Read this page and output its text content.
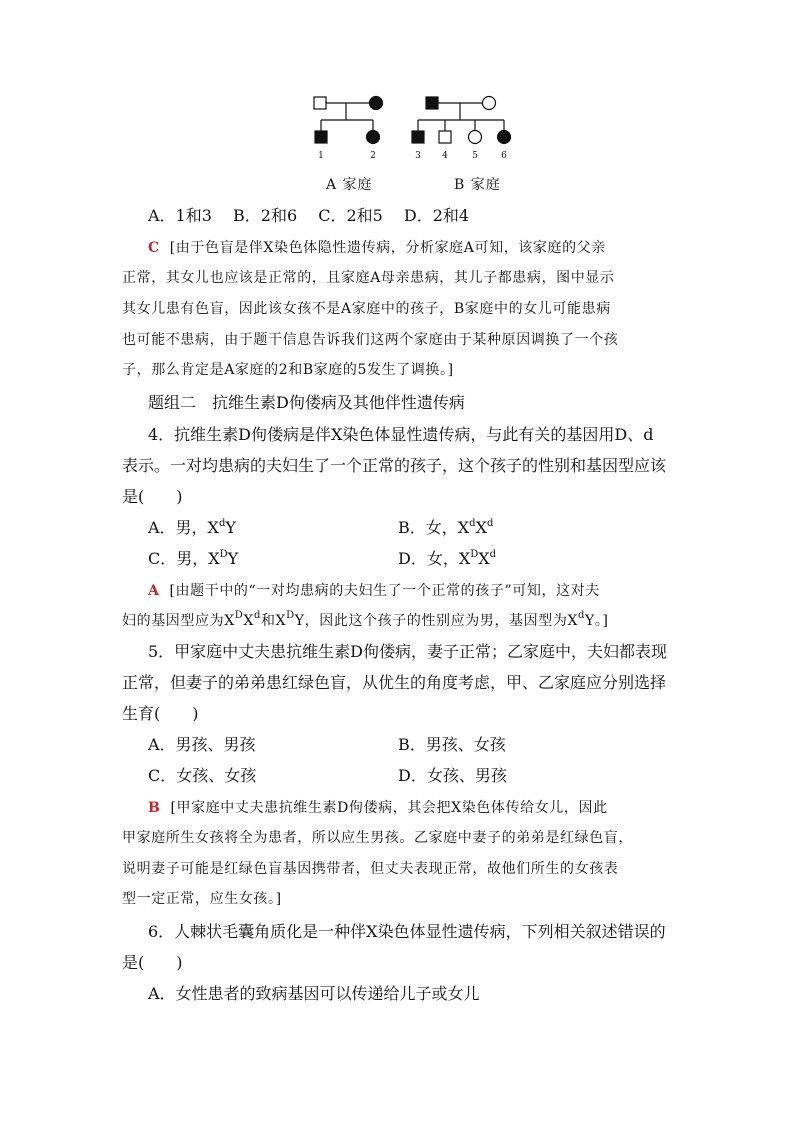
1	2	3 4	5	6
A 家庭	B 家庭
A．1和3　 B．2和6　 C．2和5　 D．2和4
C [由于色盲是伴X染色体隐性遗传病，分析家庭A可知，该家庭的父亲
正常，其女儿也应该是正常的，且家庭A母亲患病，其儿子都患病，图中显示
其女儿患有色盲，因此该女孩不是A家庭中的孩子，B家庭中的女儿可能患病
也可能不患病，由于题干信息告诉我们这两个家庭由于某种原因调换了一个孩
子，那么肯定是A家庭的2和B家庭的5发生了调换。]
题组二　抗维生素D佝偻病及其他伴性遗传病
4．抗维生素D佝偻病是伴X染色体显性遗传病，与此有关的基因用D、d
表示。一对均患病的夫妇生了一个正常的孩子，这个孩子的性别和基因型应该
是(　　)
A．男，$X^dY$	B．女，$X^dX^d$
C．男，$X^DY$	D．女，$X^DX^d$
A [由题干中的“一对均患病的夫妇生了一个正常的孩子”可知，这对夫
妇的基因型应为$X^DX^d$和$X^DY$，因此这个孩子的性别应为男，基因型为$X^dY$。]
5．甲家庭中丈夫患抗维生素D佝偻病，妻子正常；乙家庭中，夫妇都表现
正常，但妻子的弟弟患红绿色盲，从优生的角度考虑，甲、乙家庭应分别选择
生育(　　)
A．男孩、男孩	B．男孩、女孩
C．女孩、女孩	D．女孩、男孩
B [甲家庭中丈夫患抗维生素D佝偻病，其会把X染色体传给女儿，因此
甲家庭所生女孩将全为患者，所以应生男孩。乙家庭中妻子的弟弟是红绿色盲，
说明妻子可能是红绿色盲基因携带者，但丈夫表现正常，故他们所生的女孩表
型一定正常，应生女孩。]
6．人棘状毛囊角质化是一种伴X染色体显性遗传病，下列相关叙述错误的
是(　　)
A．女性患者的致病基因可以传递给儿子或女儿
